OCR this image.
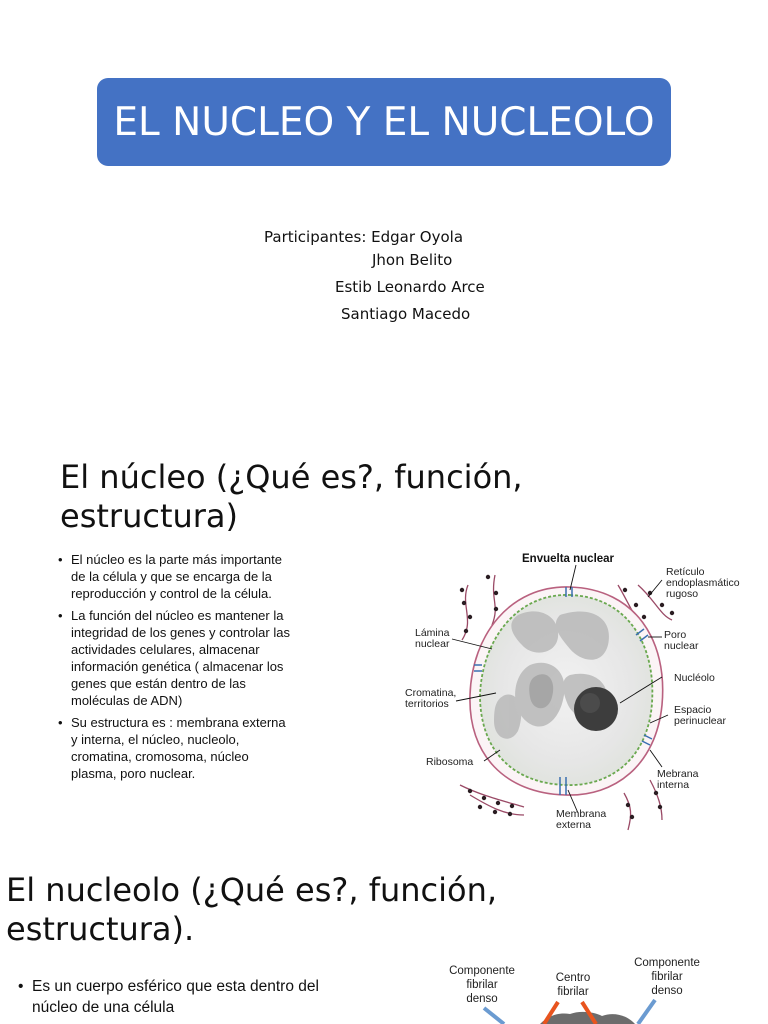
EL NUCLEO Y EL NUCLEOLO
Participantes: Edgar Oyola
Jhon Belito
Estib Leonardo Arce
Santiago Macedo
El núcleo (¿Qué es?, función,
estructura)
• El núcleo es la parte más importante de la célula y que se encarga de la reproducción y control de la célula.
• La función del núcleo es mantener la integridad de los genes y controlar las actividades celulares, almacenar información genética ( almacenar los genes que están dentro de las moléculas de ADN)
• Su estructura es : membrana externa y interna, el núcleo, nucleolo, cromatina, cromosoma, núcleo plasma, poro nuclear.
Envuelta nuclear
Retículo
endoplasmático
rugoso
Lámina
nuclear
Poro
nuclear
Nucléolo
Cromatina,
territorios	Espacio
perinuclear
Ribosoma
Mebrana
interna
Membrana
externa
El nucleolo (¿Qué es?, función,
estructura).
• Es un cuerpo esférico que esta dentro del núcleo de una célula
Componente
fibrilar
denso
Centro
fibrilar
Componente
fibrilar
denso
